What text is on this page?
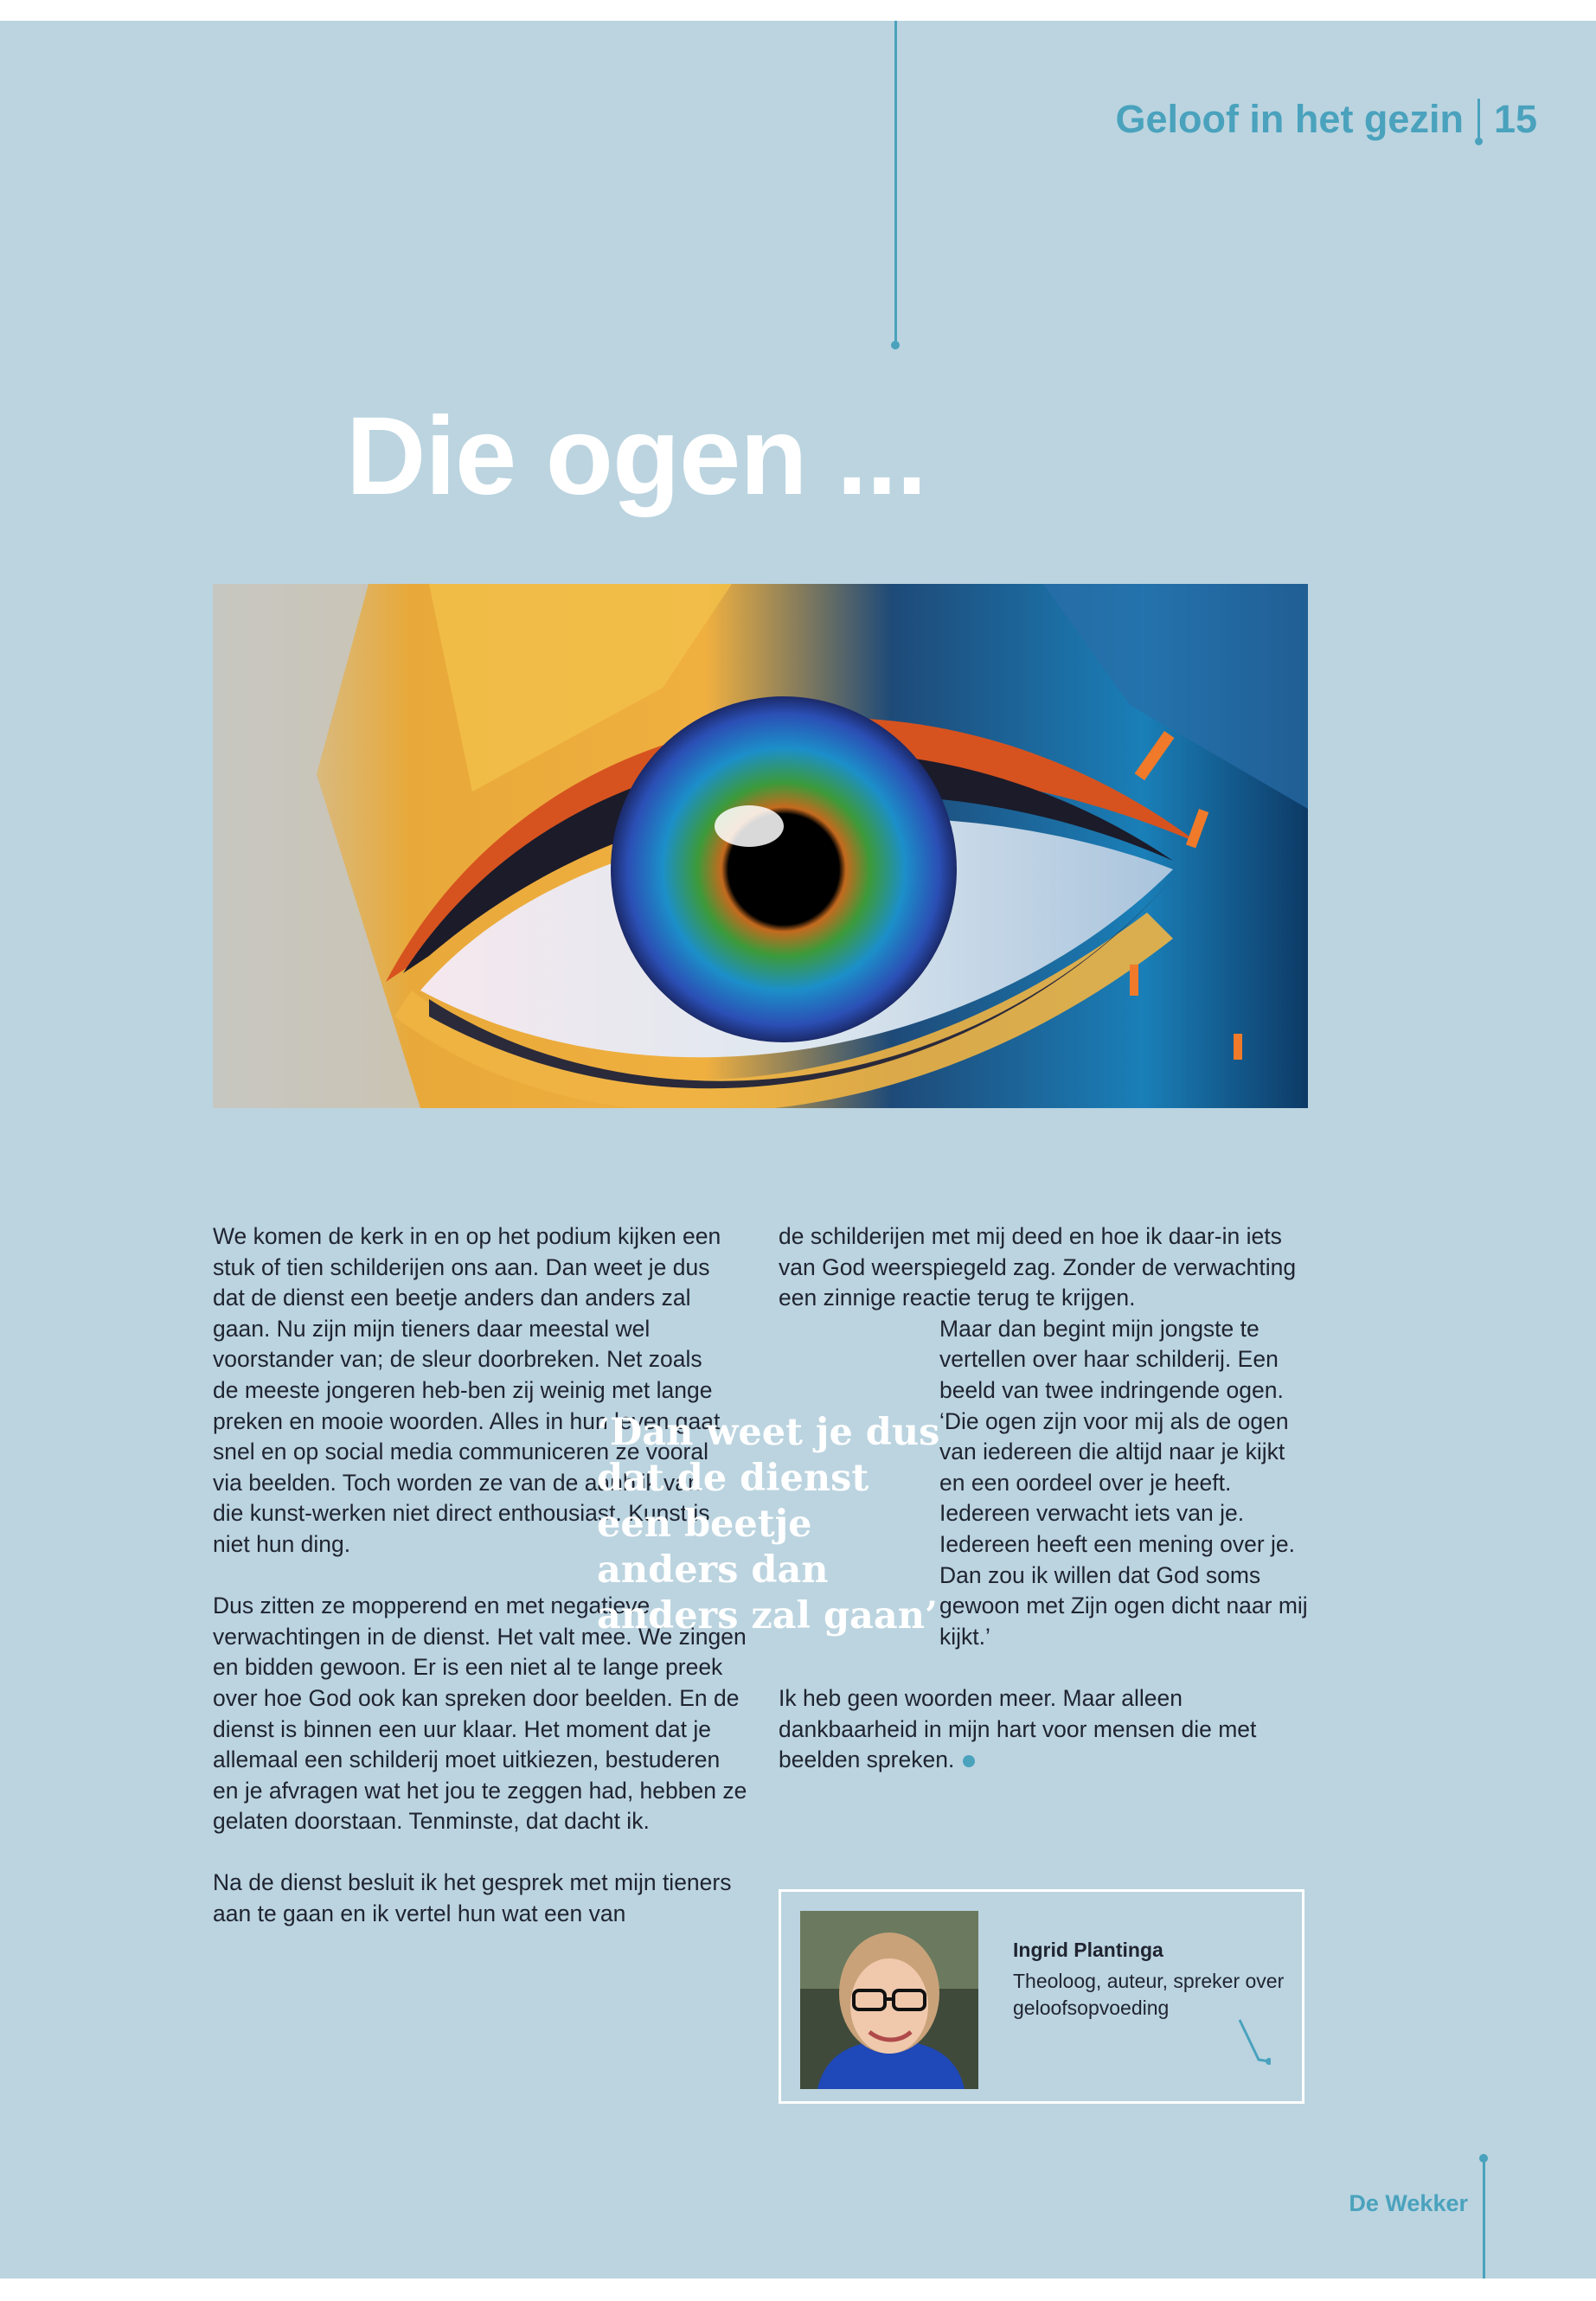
Geloof in het gezin 15
Die ogen ...

We komen de kerk in en op het podium kijken een stuk of tien schilderijen ons aan. Dan weet je dus dat de dienst een beetje anders dan anders zal gaan. Nu zijn mijn tieners daar meestal wel voorstander van; de sleur doorbreken. Net zoals de meeste jongeren heb-ben zij weinig met lange preken en mooie woorden. Alles in hun leven gaat snel en op social media communiceren ze vooral via beelden. Toch worden ze van de aanblik van die kunst-werken niet direct enthousiast. Kunst is niet hun ding.

Dus zitten ze mopperend en met negatieve verwachtingen in de dienst. Het valt mee. We zingen en bidden gewoon. Er is een niet al te lange preek over hoe God ook kan spreken door beelden. En de dienst is binnen een uur klaar. Het moment dat je allemaal een schilderij moet uitkiezen, bestuderen en je afvragen wat het jou te zeggen had, hebben ze gelaten doorstaan. Tenminste, dat dacht ik.

Na de dienst besluit ik het gesprek met mijn tieners aan te gaan en ik vertel hun wat een van

‘Dan weet je dus dat de dienst een beetje anders dan anders zal gaan’

de schilderijen met mij deed en hoe ik daar-in iets van God weerspiegeld zag. Zonder de verwachting een zinnige reactie terug te krijgen.

Maar dan begint mijn jongste te vertellen over haar schilderij. Een beeld van twee indringende ogen. ‘Die ogen zijn voor mij als de ogen van iedereen die altijd naar je kijkt en een oordeel over je heeft. Iedereen verwacht iets van je. Iedereen heeft een mening over je. Dan zou ik willen dat God soms gewoon met Zijn ogen dicht naar mij kijkt.’

Ik heb geen woorden meer. Maar alleen dankbaarheid in mijn hart voor mensen die met beelden spreken.

Ingrid Plantinga
Theoloog, auteur, spreker over geloofsopvoeding
De Wekker
